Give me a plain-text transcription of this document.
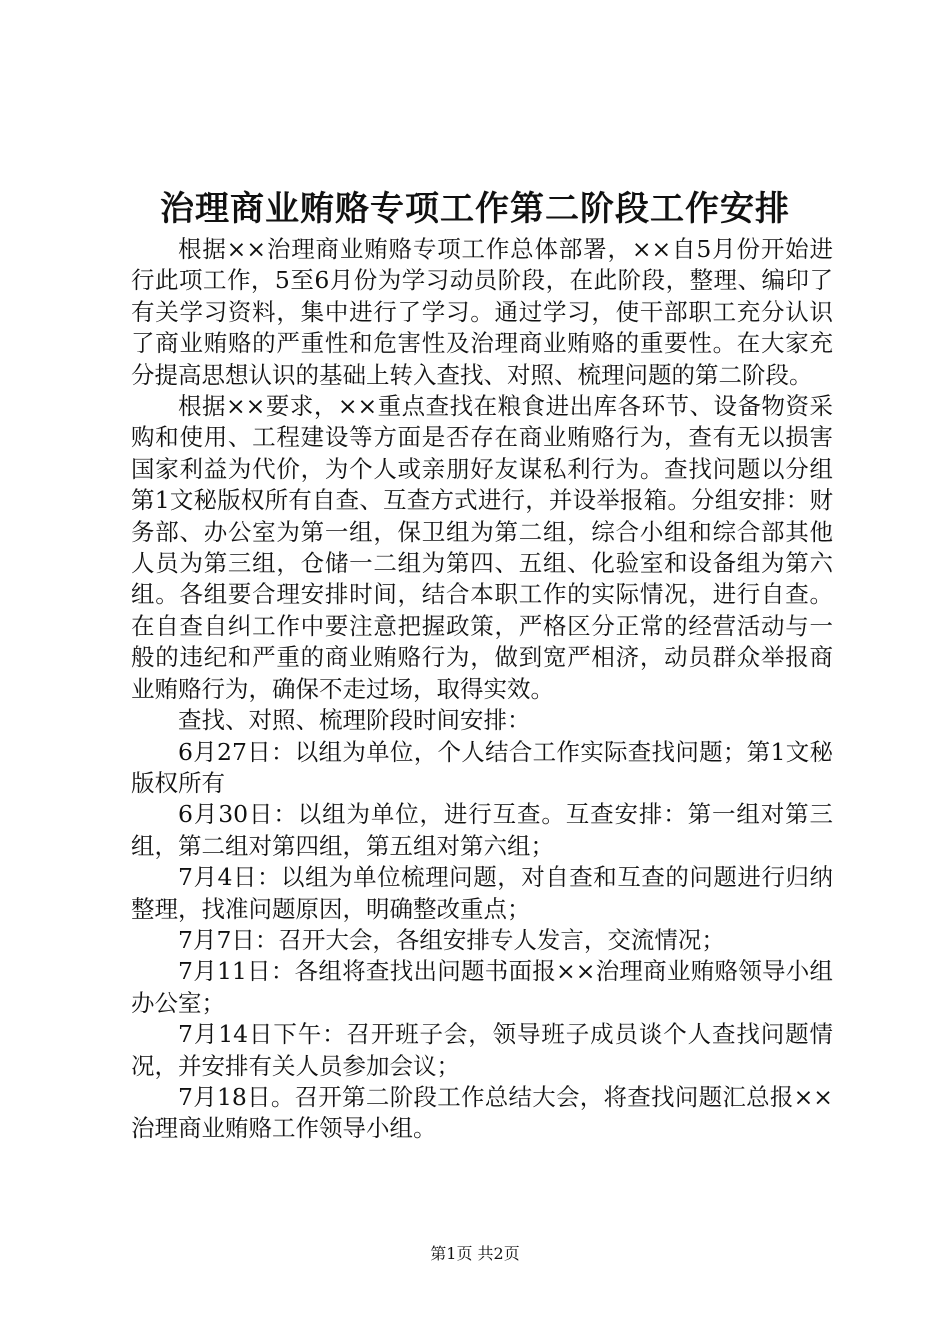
治理商业贿赂专项工作第二阶段工作安排

根据××治理商业贿赂专项工作总体部署，××自5月份开始进行此项工作，5至6月份为学习动员阶段，在此阶段，整理、编印了有关学习资料，集中进行了学习。通过学习，使干部职工充分认识了商业贿赂的严重性和危害性及治理商业贿赂的重要性。在大家充分提高思想认识的基础上转入查找、对照、梳理问题的第二阶段。

根据××要求，××重点查找在粮食进出库各环节、设备物资采购和使用、工程建设等方面是否存在商业贿赂行为，查有无以损害国家利益为代价，为个人或亲朋好友谋私利行为。查找问题以分组第1文秘版权所有自查、互查方式进行，并设举报箱。分组安排：财务部、办公室为第一组，保卫组为第二组，综合小组和综合部其他人员为第三组，仓储一二组为第四、五组、化验室和设备组为第六组。各组要合理安排时间，结合本职工作的实际情况，进行自查。在自查自纠工作中要注意把握政策，严格区分正常的经营活动与一般的违纪和严重的商业贿赂行为，做到宽严相济，动员群众举报商业贿赂行为，确保不走过场，取得实效。

查找、对照、梳理阶段时间安排：

6月27日：以组为单位，个人结合工作实际查找问题；第1文秘版权所有

6月30日：以组为单位，进行互查。互查安排：第一组对第三组，第二组对第四组，第五组对第六组；

7月4日：以组为单位梳理问题，对自查和互查的问题进行归纳整理，找准问题原因，明确整改重点；

7月7日：召开大会，各组安排专人发言，交流情况；

7月11日：各组将查找出问题书面报××治理商业贿赂领导小组办公室；

7月14日下午：召开班子会，领导班子成员谈个人查找问题情况，并安排有关人员参加会议；

7月18日。召开第二阶段工作总结大会，将查找问题汇总报××治理商业贿赂工作领导小组。

第1页 共2页
